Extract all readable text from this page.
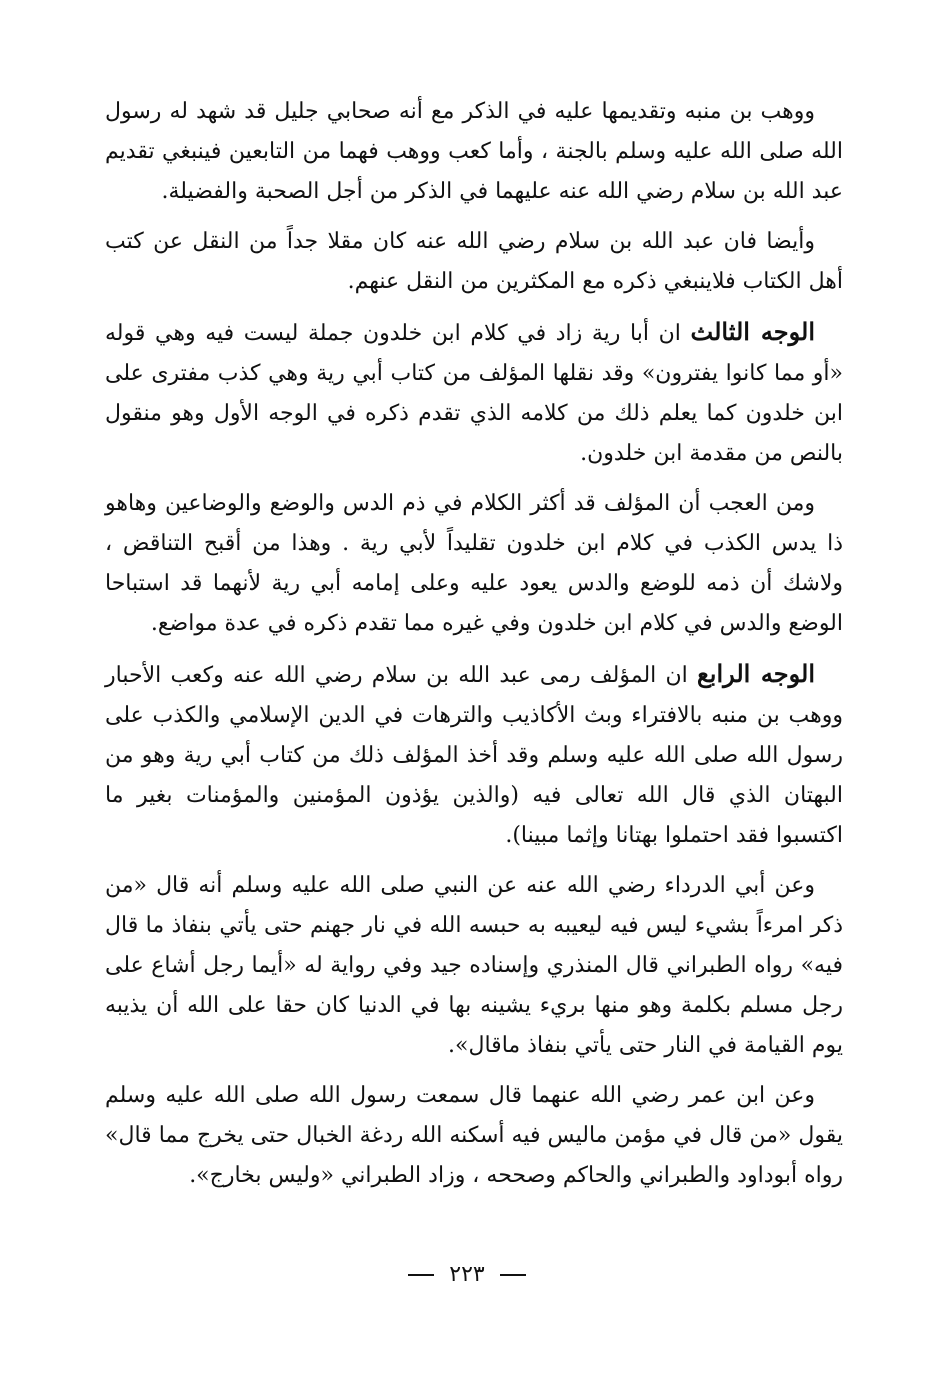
ووهب بن منبه وتقديمها عليه في الذكر مع أنه صحابي جليل قد شهد له رسول الله صلى الله عليه وسلم بالجنة ، وأما كعب ووهب فهما من التابعين فينبغي تقديم عبد الله بن سلام رضي الله عنه عليهما في الذكر من أجل الصحبة والفضيلة.

وأيضا فان عبد الله بن سلام رضي الله عنه كان مقلا جداً من النقل عن كتب أهل الكتاب فلاينبغي ذكره مع المكثرين من النقل عنهم.

الوجه الثالث ان أبا رية زاد في كلام ابن خلدون جملة ليست فيه وهي قوله «أو مما كانوا يفترون» وقد نقلها المؤلف من كتاب أبي رية وهي كذب مفترى على ابن خلدون كما يعلم ذلك من كلامه الذي تقدم ذكره في الوجه الأول وهو منقول بالنص من مقدمة ابن خلدون.

ومن العجب أن المؤلف قد أكثر الكلام في ذم الدس والوضع والوضاعين وهاهو ذا يدس الكذب في كلام ابن خلدون تقليداً لأبي رية . وهذا من أقبح التناقض ، ولاشك أن ذمه للوضع والدس يعود عليه وعلى إمامه أبي رية لأنهما قد استباحا الوضع والدس في كلام ابن خلدون وفي غيره مما تقدم ذكره في عدة مواضع.

الوجه الرابع ان المؤلف رمى عبد الله بن سلام رضي الله عنه وكعب الأحبار ووهب بن منبه بالافتراء وبث الأكاذيب والترهات في الدين الإسلامي والكذب على رسول الله صلى الله عليه وسلم وقد أخذ المؤلف ذلك من كتاب أبي رية وهو من البهتان الذي قال الله تعالى فيه (والذين يؤذون المؤمنين والمؤمنات بغير ما اكتسبوا فقد احتملوا بهتانا وإثما مبينا).

وعن أبي الدرداء رضي الله عنه عن النبي صلى الله عليه وسلم أنه قال «من ذكر امرءاً بشيء ليس فيه ليعيبه به حبسه الله في نار جهنم حتى يأتي بنفاذ ما قال فيه» رواه الطبراني قال المنذري وإسناده جيد وفي رواية له «أيما رجل أشاع على رجل مسلم بكلمة وهو منها بريء يشينه بها في الدنيا كان حقا على الله أن يذيبه يوم القيامة في النار حتى يأتي بنفاذ ماقال».

وعن ابن عمر رضي الله عنهما قال سمعت رسول الله صلى الله عليه وسلم يقول «من قال في مؤمن ماليس فيه أسكنه الله ردغة الخبال حتى يخرج مما قال» رواه أبوداود والطبراني والحاكم وصححه ، وزاد الطبراني «وليس بخارج».

٢٢٣
